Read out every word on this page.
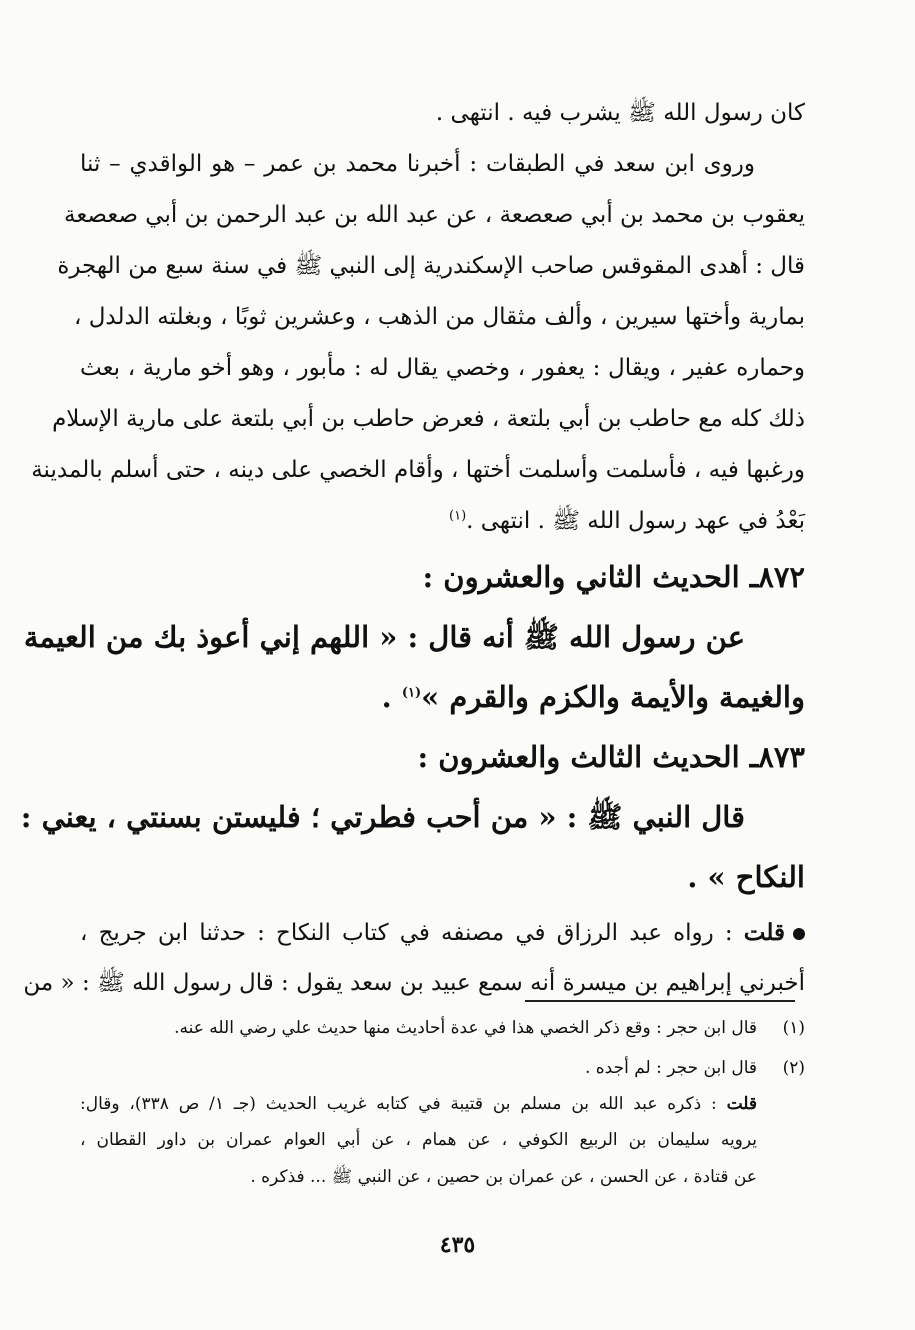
كان رسول الله ﷺ يشرب فيه . انتهى .
وروى ابن سعد في الطبقات : أخبرنا محمد بن عمر – هو الواقدي – ثنا
يعقوب بن محمد بن أبي صعصعة ، عن عبد الله بن عبد الرحمن بن أبي صعصعة
قال : أهدى المقوقس صاحب الإسكندرية إلى النبي ﷺ في سنة سبع من الهجرة
بمارية وأختها سيرين ، وألف مثقال من الذهب ، وعشرين ثوبًا ، وبغلته الدلدل ،
وحماره عفير ، ويقال : يعفور ، وخصي يقال له : مأبور ، وهو أخو مارية ، بعث
ذلك كله مع حاطب بن أبي بلتعة ، فعرض حاطب بن أبي بلتعة على مارية الإسلام
ورغبها فيه ، فأسلمت وأسلمت أختها ، وأقام الخصي على دينه ، حتى أسلم بالمدينة
بَعْدُ في عهد رسول الله ﷺ . انتهى .$^{(١)}$
٨٧٢ـ الحديث الثاني والعشرون :
عن رسول الله ﷺ أنه قال : « اللهم إني أعوذ بك من العيمة
والغيمة والأيمة والكزم والقرم »$^{(١)}$ .
٨٧٣ـ الحديث الثالث والعشرون :
قال النبي ﷺ : « من أحب فطرتي ؛ فليستن بسنتي ، يعني :
النكاح » .
قلت : رواه عبد الرزاق في مصنفه في كتاب النكاح : حدثنا ابن جريج ،
أخبرني إبراهيم بن ميسرة أنه سمع عبيد بن سعد يقول : قال رسول الله ﷺ : « من
(١)قال ابن حجر : وقع ذكر الخصي هذا في عدة أحاديث منها حديث علي رضي الله عنه.
(٢)قال ابن حجر : لم أجده .
قلت : ذكره عبد الله بن مسلم بن قتيبة في كتابه غريب الحديث (جـ ١/ ص ٣٣٨)، وقال:
يرويه سليمان بن الربيع الكوفي ، عن همام ، عن أبي العوام عمران بن داور القطان ،
عن قتادة ، عن الحسن ، عن عمران بن حصين ، عن النبي ﷺ ... فذكره .
٤٣٥
